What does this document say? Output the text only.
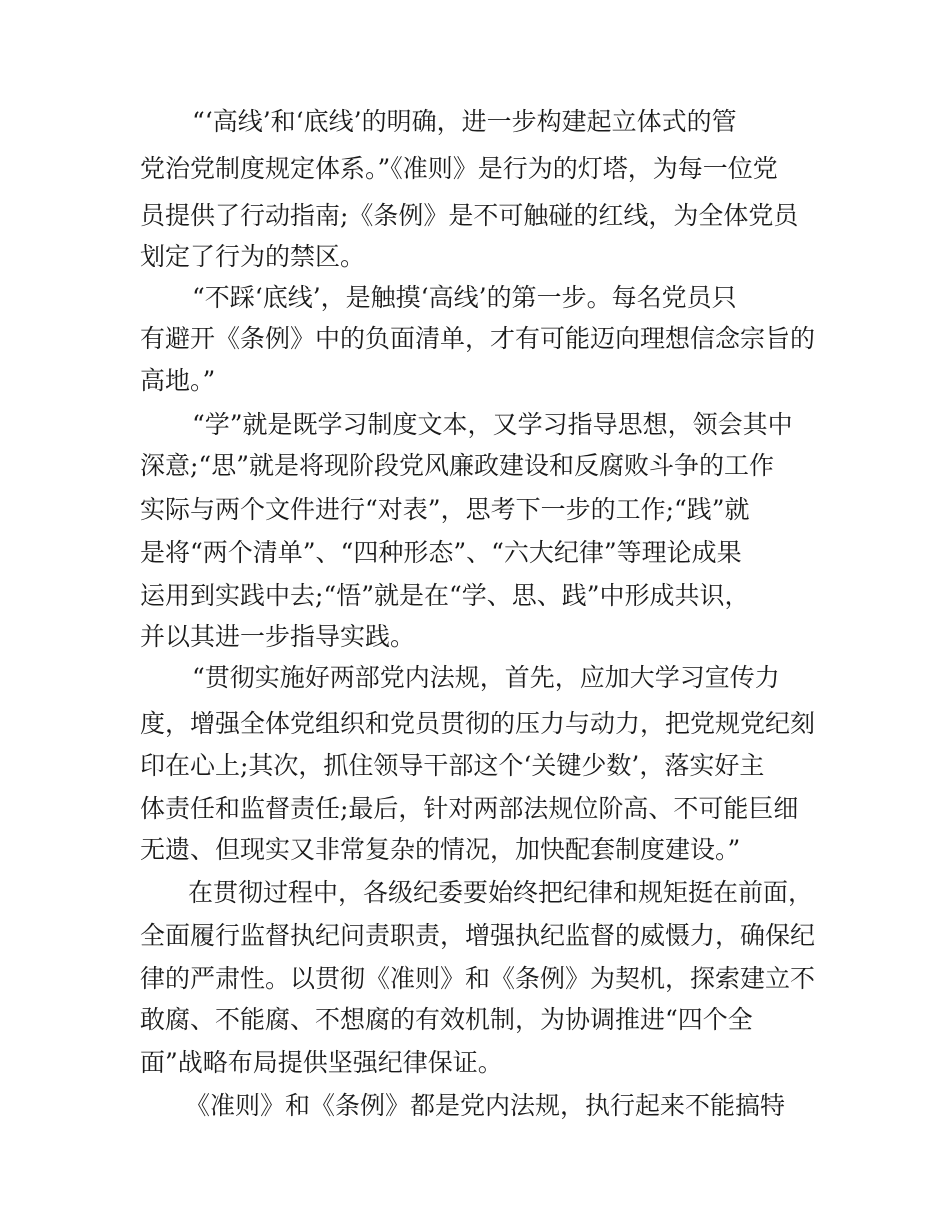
“‘高线’和‘底线’的明确，进一步构建起立体式的管
党治党制度规定体系。”《准则》是行为的灯塔，为每一位党
员提供了行动指南;《条例》是不可触碰的红线，为全体党员
划定了行为的禁区。
“不踩‘底线’，是触摸‘高线’的第一步。每名党员只
有避开《条例》中的负面清单，才有可能迈向理想信念宗旨的
高地。”
“学”就是既学习制度文本，又学习指导思想，领会其中
深意;“思”就是将现阶段党风廉政建设和反腐败斗争的工作
实际与两个文件进行“对表”，思考下一步的工作;“践”就
是将“两个清单”、“四种形态”、“六大纪律”等理论成果
运用到实践中去;“悟”就是在“学、思、践”中形成共识，
并以其进一步指导实践。
“贯彻实施好两部党内法规，首先，应加大学习宣传力
度，增强全体党组织和党员贯彻的压力与动力，把党规党纪刻
印在心上;其次，抓住领导干部这个‘关键少数’，落实好主
体责任和监督责任;最后，针对两部法规位阶高、不可能巨细
无遗、但现实又非常复杂的情况，加快配套制度建设。”
在贯彻过程中，各级纪委要始终把纪律和规矩挺在前面，
全面履行监督执纪问责职责，增强执纪监督的威慑力，确保纪
律的严肃性。以贯彻《准则》和《条例》为契机，探索建立不
敢腐、不能腐、不想腐的有效机制，为协调推进“四个全
面”战略布局提供坚强纪律保证。
《准则》和《条例》都是党内法规，执行起来不能搞特
